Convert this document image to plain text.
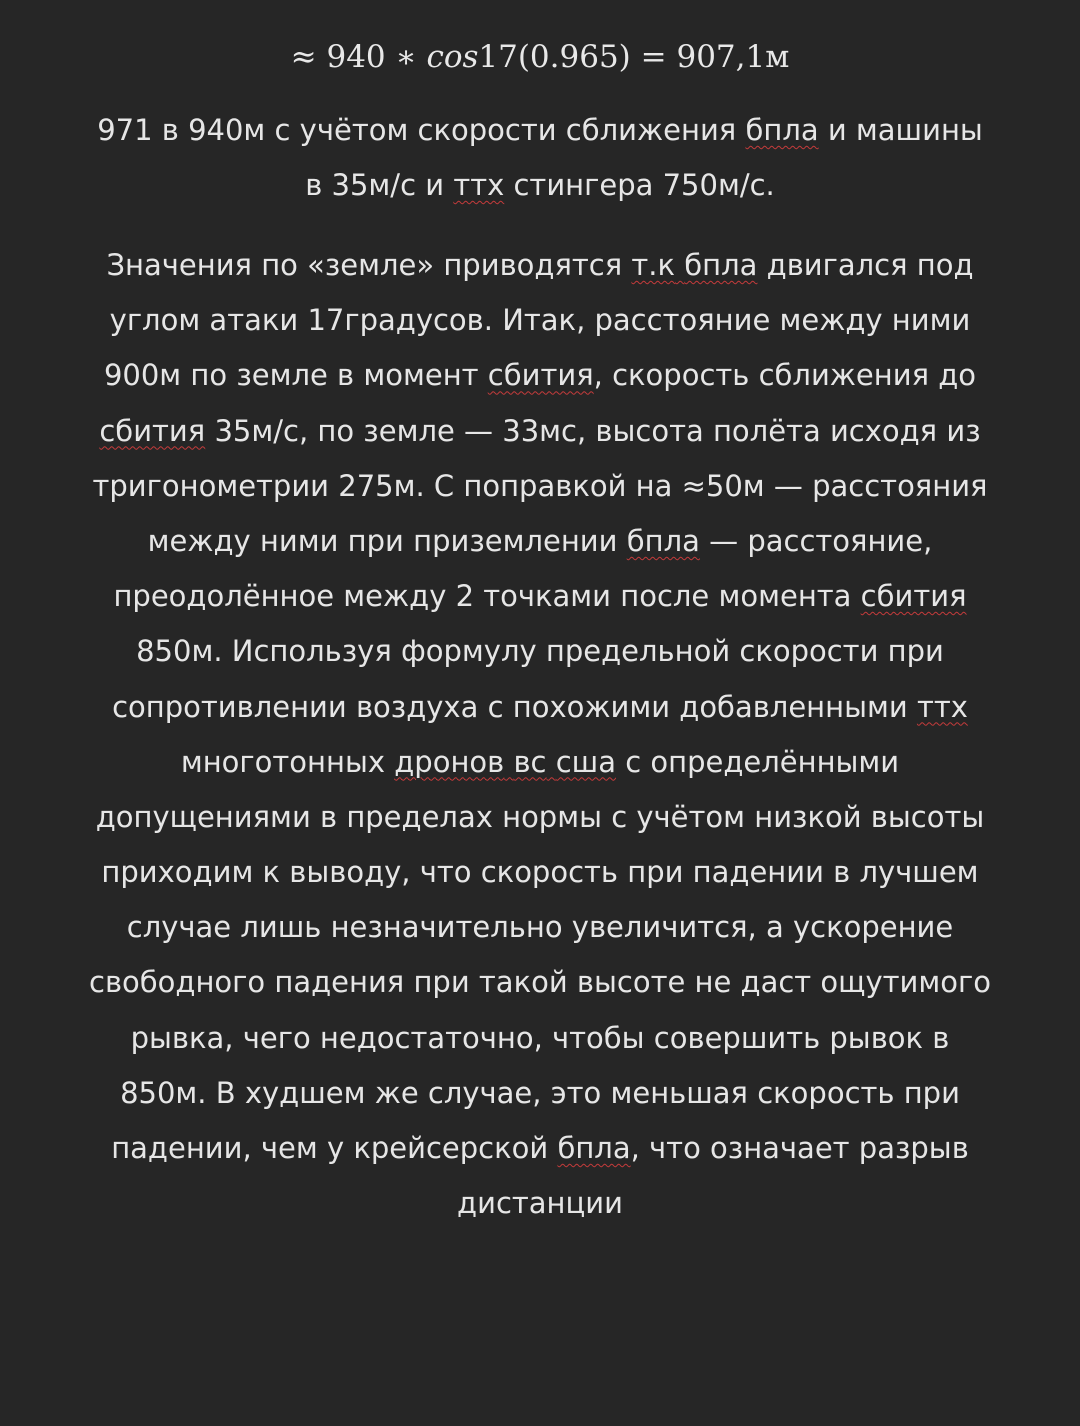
≈ 940 ∗ cos17(0.965) = 907,1м

971 в 940м с учётом скорости сближения бпла и машины
в 35м/с и ттх стингера 750м/с.

Значения по «земле» приводятся т.к бпла двигался под
углом атаки 17градусов. Итак, расстояние между ними
900м по земле в момент сбития, скорость сближения до
сбития 35м/с, по земле — 33мс, высота полёта исходя из
тригонометрии 275м. С поправкой на ≈50м — расстояния
между ними при приземлении бпла — расстояние,
преодолённое между 2 точками после момента сбития
850м. Используя формулу предельной скорости при
сопротивлении воздуха с похожими добавленными ттх
многотонных дронов вс сша с определёнными
допущениями в пределах нормы с учётом низкой высоты
приходим к выводу, что скорость при падении в лучшем
случае лишь незначительно увеличится, а ускорение
свободного падения при такой высоте не даст ощутимого
рывка, чего недостаточно, чтобы совершить рывок в
850м. В худшем же случае, это меньшая скорость при
падении, чем у крейсерской бпла, что означает разрыв
дистанции
